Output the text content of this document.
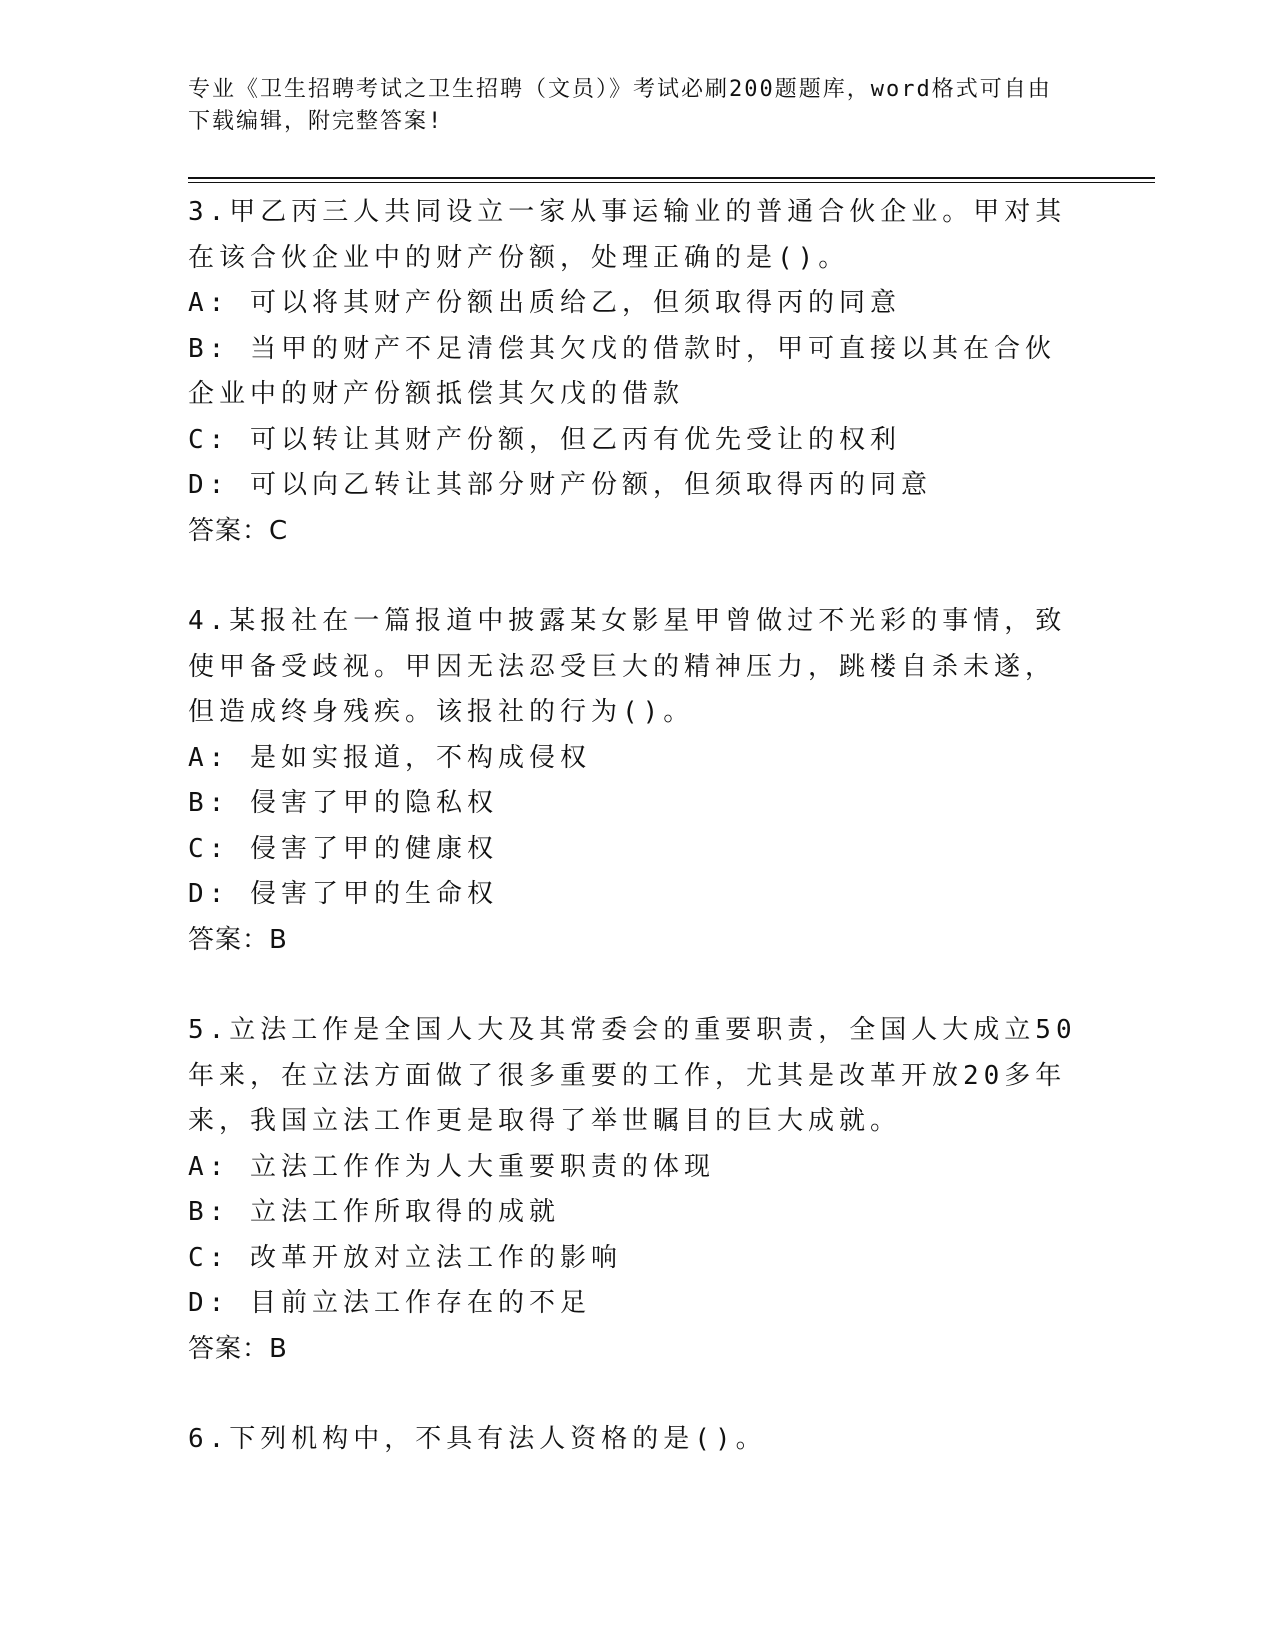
专业《卫生招聘考试之卫生招聘（文员）》考试必刷200题题库，word格式可自由下载编辑，附完整答案!
3.甲乙丙三人共同设立一家从事运输业的普通合伙企业。甲对其在该合伙企业中的财产份额，处理正确的是()。
A: 可以将其财产份额出质给乙，但须取得丙的同意
B: 当甲的财产不足清偿其欠戊的借款时，甲可直接以其在合伙企业中的财产份额抵偿其欠戊的借款
C: 可以转让其财产份额，但乙丙有优先受让的权利
D: 可以向乙转让其部分财产份额，但须取得丙的同意
答案：C
4.某报社在一篇报道中披露某女影星甲曾做过不光彩的事情，致使甲备受歧视。甲因无法忍受巨大的精神压力，跳楼自杀未遂，但造成终身残疾。该报社的行为()。
A: 是如实报道，不构成侵权
B: 侵害了甲的隐私权
C: 侵害了甲的健康权
D: 侵害了甲的生命权
答案：B
5.立法工作是全国人大及其常委会的重要职责，全国人大成立50年来，在立法方面做了很多重要的工作，尤其是改革开放20多年来，我国立法工作更是取得了举世瞩目的巨大成就。
A: 立法工作作为人大重要职责的体现
B: 立法工作所取得的成就
C: 改革开放对立法工作的影响
D: 目前立法工作存在的不足
答案：B
6.下列机构中，不具有法人资格的是()。
